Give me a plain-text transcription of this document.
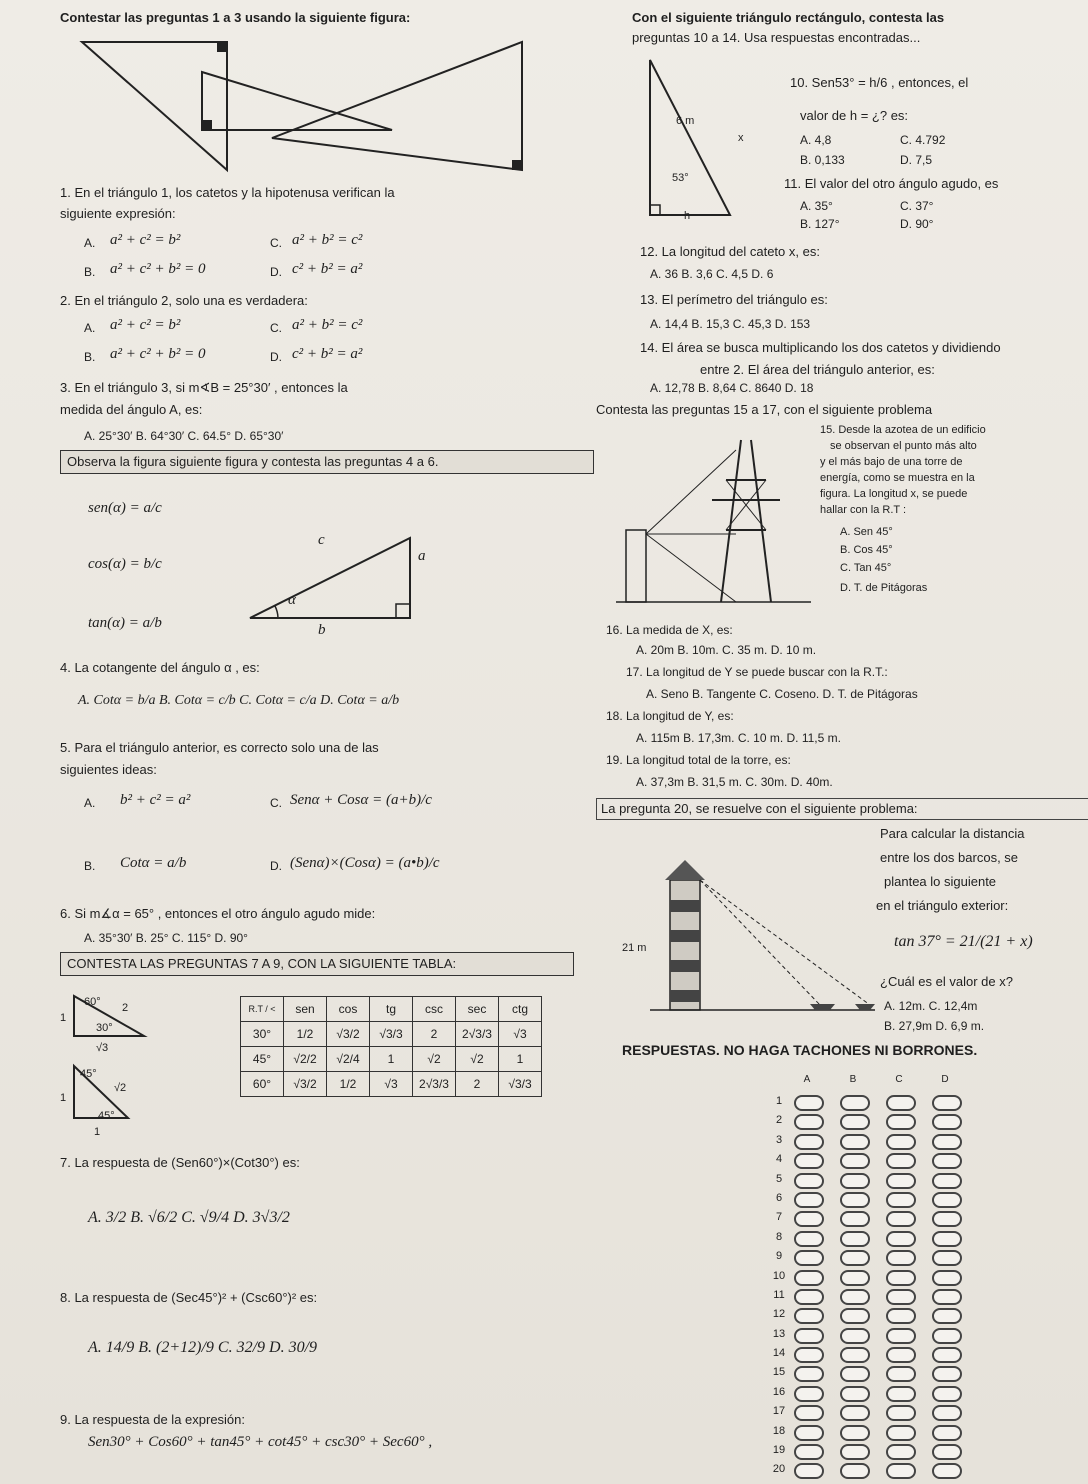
Contestar las preguntas 1 a 3 usando la siguiente figura:
1. En el triángulo 1, los catetos y la hipotenusa verifican la
siguiente expresión:
A. a² + c² = b²	C. a² + b² = c²
B. a² + c² + b² = 0	D. c² + b² = a²
2. En el triángulo 2, solo una es verdadera:
A. a² + c² = b²	C. a² + b² = c²
B. a² + c² + b² = 0	D. c² + b² = a²
3. En el triángulo 3, si m∢B = 25°30′ , entonces la
medida del ángulo A, es:
A. 25°30′ B. 64°30′ C. 64.5° D. 65°30′
Observa la figura siguiente figura y contesta las preguntas 4 a 6.
sen(α) = a/c
cos(α) = b/c
tan(α) = a/b
c
a
α
b
4. La cotangente del ángulo α , es:
A. Cotα = b/a B. Cotα = c/b C. Cotα = c/a D. Cotα = a/b
5. Para el triángulo anterior, es correcto solo una de las
siguientes ideas:
A. b² + c² = a²	C. Senα + Cosα = (a+b)/c
B. Cotα = a/b	D. (Senα)×(Cosα) = (a•b)/c
6. Si m∡α = 65° , entonces el otro ángulo agudo mide:
A. 35°30′ B. 25° C. 115° D. 90°
CONTESTA LAS PREGUNTAS 7 A 9, CON LA SIGUIENTE TABLA:
60° 2
1
30°
√3
45°
√2
1
45°
1
R.T / <	sen	cos	tg	csc	sec	ctg
30°	1/2	√3/2	√3/3	2	2√3/3	√3
45°	√2/2	√2/4	1	√2	√2	1
60°	√3/2	1/2	√3	2√3/3	2	√3/3
7. La respuesta de (Sen60°)×(Cot30°) es:
A. 3/2 B. √6/2 C. √9/4 D. 3√3/2
8. La respuesta de (Sec45°)² + (Csc60°)² es:
A. 14/9 B. (2+12)/9 C. 32/9 D. 30/9
9. La respuesta de la expresión:
Sen30° + Cos60° + tan45° + cot45° + csc30° + Sec60° ,
Con el siguiente triángulo rectángulo, contesta las
preguntas 10 a 14. Usa respuestas encontradas...
6 m
53°
x
h
10. Sen53° = h/6 , entonces, el
valor de h = ¿? es:
A. 4,8	C. 4.792
B. 0,133	D. 7,5
11. El valor del otro ángulo agudo, es
A. 35°	C. 37°
B. 127°	D. 90°
12. La longitud del cateto x, es:
A. 36 B. 3,6 C. 4,5 D. 6
13. El perímetro del triángulo es:
A. 14,4 B. 15,3 C. 45,3 D. 153
14. El área se busca multiplicando los dos catetos y dividiendo
entre 2. El área del triángulo anterior, es:
A. 12,78 B. 8,64 C. 8640 D. 18
Contesta las preguntas 15 a 17, con el siguiente problema
15. Desde la azotea de un edificio
se observan el punto más alto
y el más bajo de una torre de
energía, como se muestra en la
figura. La longitud x, se puede
hallar con la R.T :
A. Sen 45°
B. Cos 45°
C. Tan 45°
D. T. de Pitágoras
16. La medida de X, es:
A. 20m B. 10m. C. 35 m. D. 10 m.
17. La longitud de Y se puede buscar con la R.T.:
A. Seno B. Tangente C. Coseno. D. T. de Pitágoras
18. La longitud de Y, es:
A. 115m B. 17,3m. C. 10 m. D. 11,5 m.
19. La longitud total de la torre, es:
A. 37,3m B. 31,5 m. C. 30m. D. 40m.
La pregunta 20, se resuelve con el siguiente problema:
21 m
Para calcular la distancia
entre los dos barcos, se
plantea lo siguiente
en el triángulo exterior:
tan 37° = 21/(21 + x)
¿Cuál es el valor de x?
A. 12m. C. 12,4m
B. 27,9m D. 6,9 m.
RESPUESTAS. NO HAGA TACHONES NI BORRONES.
A	B	C	D
1
2
3
4
5
6
7
8
9
10
11
12
13
14
15
16
17
18
19
20
